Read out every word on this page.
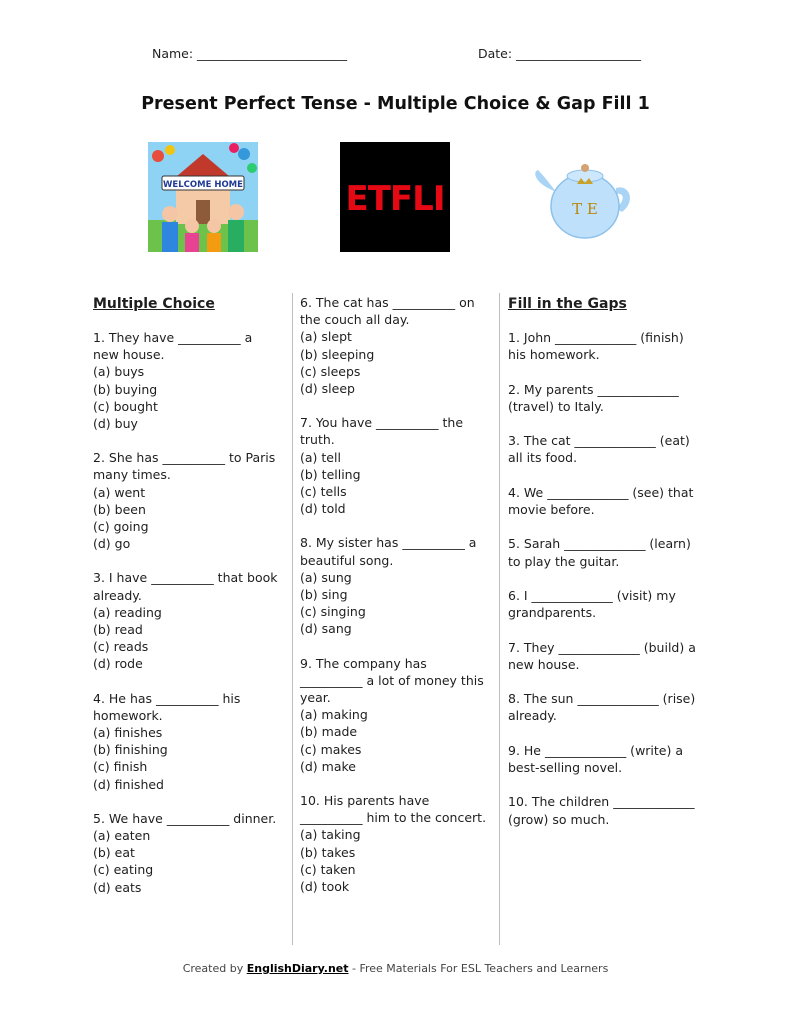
Name: ________________________	Date: ____________________
Present Perfect Tense - Multiple Choice & Gap Fill 1
WELCOME HOME	ETFLI	T E
Multiple Choice
1. They have __________ a new house.
(a) buys
(b) buying
(c) bought
(d) buy
2. She has __________ to Paris many times.
(a) went
(b) been
(c) going
(d) go
3. I have __________ that book already.
(a) reading
(b) read
(c) reads
(d) rode
4. He has __________ his homework.
(a) finishes
(b) finishing
(c) finish
(d) finished
5. We have __________ dinner.
(a) eaten
(b) eat
(c) eating
(d) eats
6. The cat has __________ on the couch all day.
(a) slept
(b) sleeping
(c) sleeps
(d) sleep
7. You have __________ the truth.
(a) tell
(b) telling
(c) tells
(d) told
8. My sister has __________ a beautiful song.
(a) sung
(b) sing
(c) singing
(d) sang
9. The company has __________ a lot of money this year.
(a) making
(b) made
(c) makes
(d) make
10. His parents have __________ him to the concert.
(a) taking
(b) takes
(c) taken
(d) took
Fill in the Gaps
1. John _____________ (finish) his homework.
2. My parents _____________ (travel) to Italy.
3. The cat _____________ (eat) all its food.
4. We _____________ (see) that movie before.
5. Sarah _____________ (learn) to play the guitar.
6. I _____________ (visit) my grandparents.
7. They _____________ (build) a new house.
8. The sun _____________ (rise) already.
9. He _____________ (write) a best-selling novel.
10. The children _____________ (grow) so much.
Created by EnglishDiary.net - Free Materials For ESL Teachers and Learners
